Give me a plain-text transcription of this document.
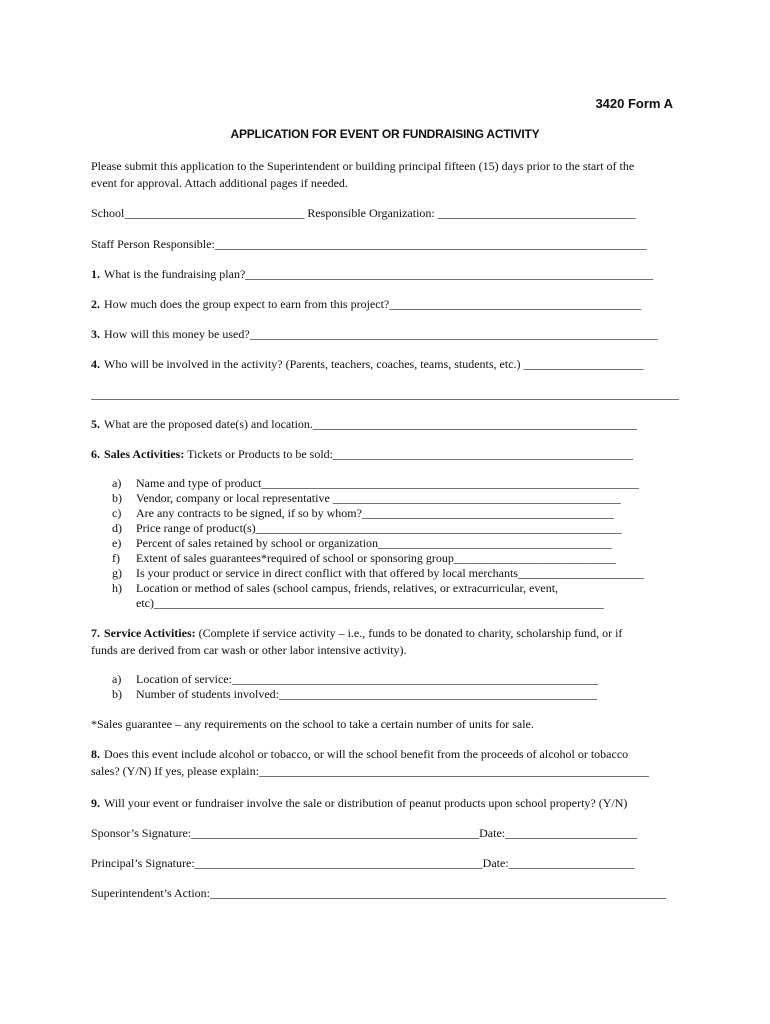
3420 Form A
APPLICATION FOR EVENT OR FUNDRAISING ACTIVITY
Please submit this application to the Superintendent or building principal fifteen (15) days prior to the start of the
event for approval. Attach additional pages if needed.
School______________________________ Responsible Organization: _________________________________
Staff Person Responsible:________________________________________________________________________
1. What is the fundraising plan?____________________________________________________________________
2. How much does the group expect to earn from this project?__________________________________________
3. How will this money be used?____________________________________________________________________
4. Who will be involved in the activity? (Parents, teachers, coaches, teams, students, etc.) ____________________
__________________________________________________________________________________________________
5. What are the proposed date(s) and location.______________________________________________________
6. Sales Activities: Tickets or Products to be sold:__________________________________________________
a)	Name and type of product_______________________________________________________________
b)	Vendor, company or local representative ________________________________________________
c)	Are any contracts to be signed, if so by whom?__________________________________________
d)	Price range of product(s)_____________________________________________________________
e)	Percent of sales retained by school or organization_______________________________________
f)	Extent of sales guarantees*required of school or sponsoring group___________________________
g)	Is your product or service in direct conflict with that offered by local merchants_____________________
h)	Location or method of sales (school campus, friends, relatives, or extracurricular, event,
etc)___________________________________________________________________________
7. Service Activities: (Complete if service activity – i.e., funds to be donated to charity, scholarship fund, or if
funds are derived from car wash or other labor intensive activity).
a)	Location of service:_____________________________________________________________
b)	Number of students involved:_____________________________________________________
*Sales guarantee – any requirements on the school to take a certain number of units for sale.
8. Does this event include alcohol or tobacco, or will the school benefit from the proceeds of alcohol or tobacco
sales? (Y/N) If yes, please explain:_________________________________________________________________
9. Will your event or fundraiser involve the sale or distribution of peanut products upon school property? (Y/N)
Sponsor’s Signature:________________________________________________Date:______________________
Principal’s Signature:________________________________________________Date:_____________________
Superintendent’s Action:____________________________________________________________________________
